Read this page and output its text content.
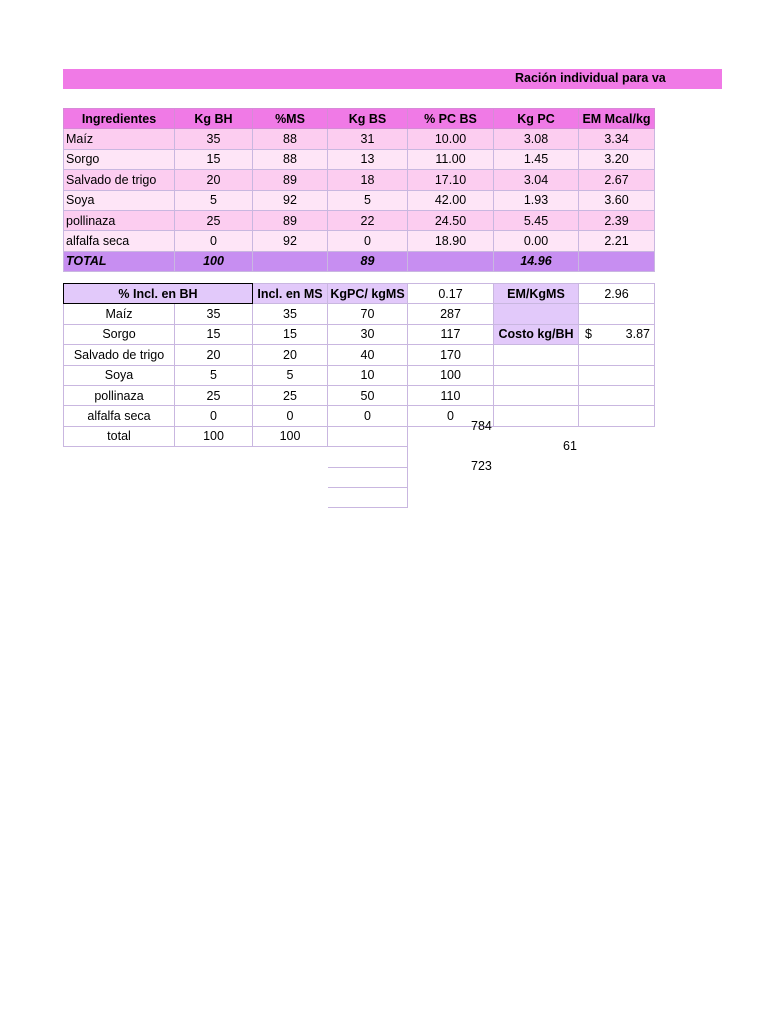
Ración individual para va
Ingredientes	Kg BH	%MS	Kg BS	% PC BS	Kg PC	EM Mcal/kg
Maíz	35	88	31	10.00	3.08	3.34
Sorgo	15	88	13	11.00	1.45	3.20
Salvado de trigo	20	89	18	17.10	3.04	2.67
Soya	5	92	5	42.00	1.93	3.60
pollinaza	25	89	22	24.50	5.45	2.39
alfalfa seca	0	92	0	18.90	0.00	2.21
TOTAL	100		89		14.96	
% Incl. en BH		Incl. en MS	KgPC/ kgMS	0.17	EM/KgMS	2.96
Maíz	35	35	70	287		
Sorgo	15	15	30	117	Costo kg/BH	$ 3.87

Salvado de trigo	20	20	40	170		
Soya	5	5	10	100		
pollinaza	25	25	50	110		
alfalfa seca	0	0	0	0		
total	100	100				

784
61
723
